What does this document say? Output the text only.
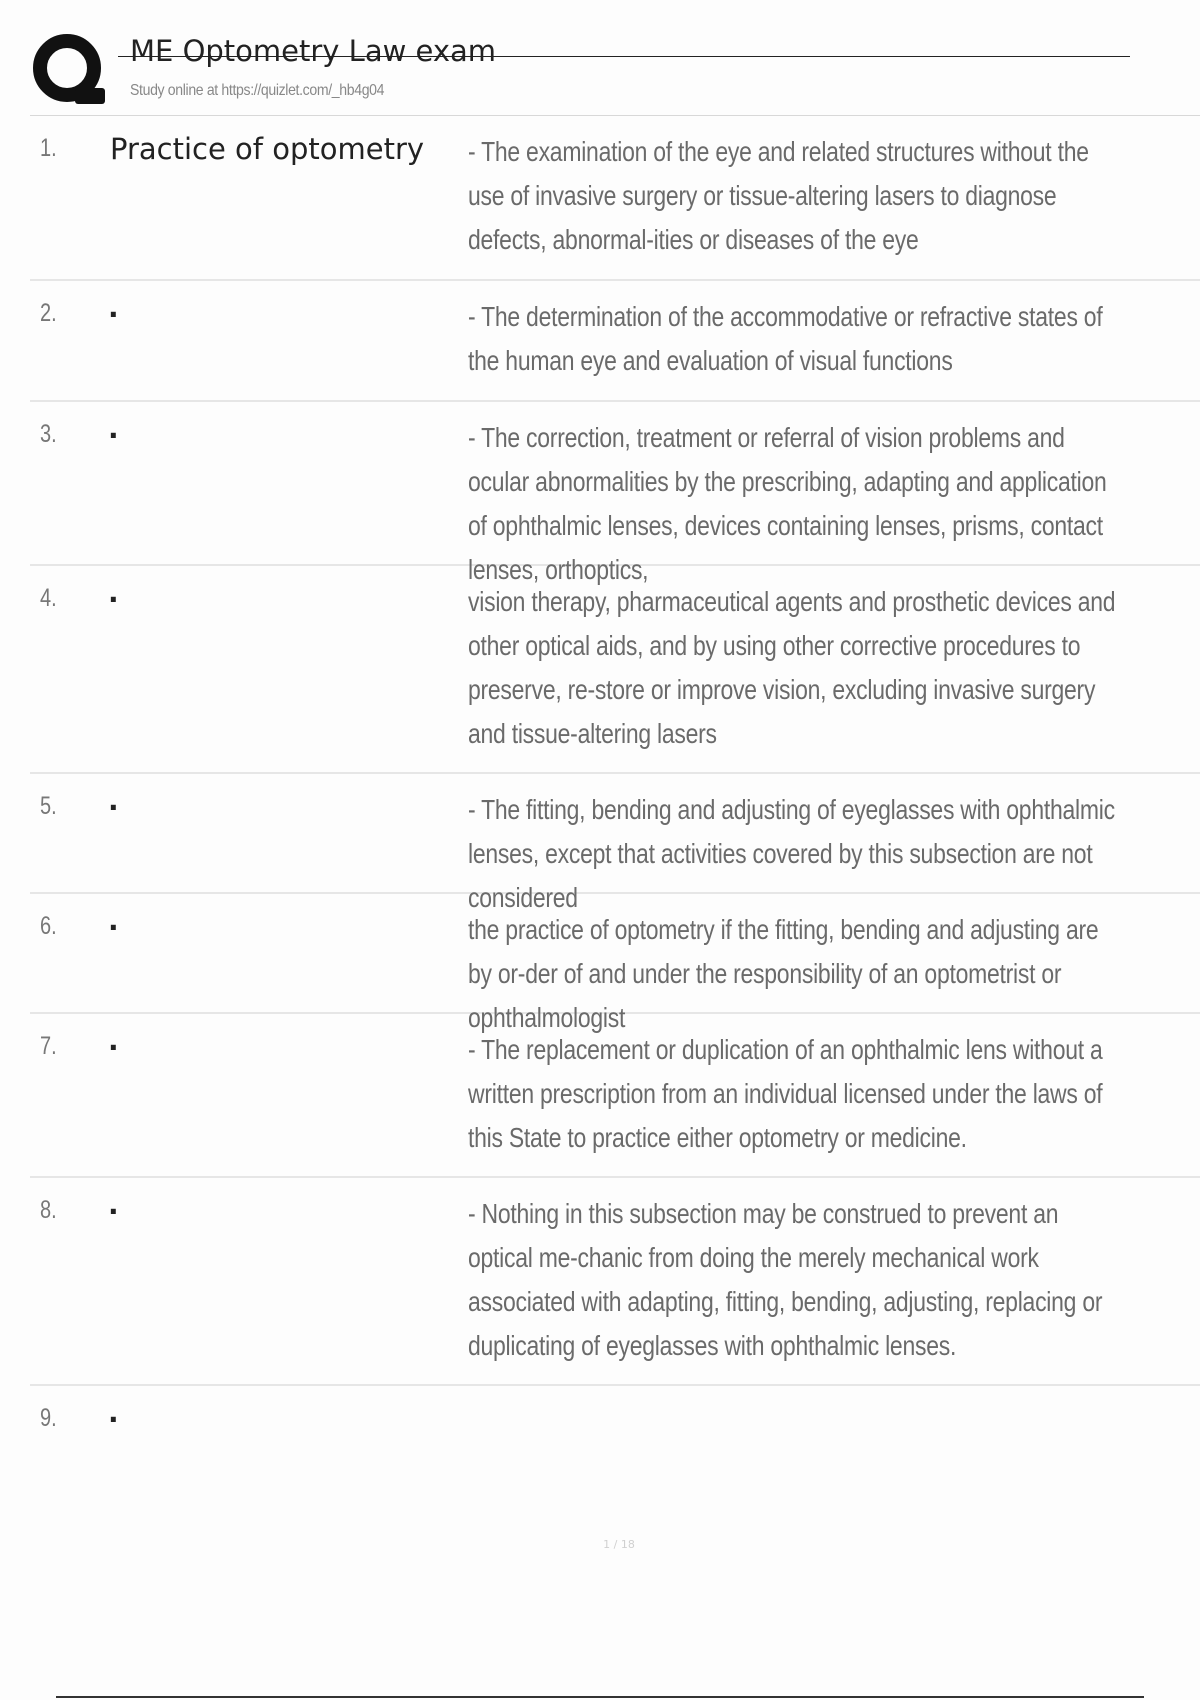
ME Optometry Law exam
Study online at https://quizlet.com/_hb4g04
1. Practice of optometry	- The examination of the eye and related structures without the use of invasive surgery or tissue-altering lasers to diagnose defects, abnormal-ities or diseases of the eye
2. .	- The determination of the accommodative or refractive states of the human eye and evaluation of visual functions
3. .	- The correction, treatment or referral of vision problems and ocular abnormalities by the prescribing, adapting and application of ophthalmic lenses, devices containing lenses, prisms, contact lenses, orthoptics,
4. .	vision therapy, pharmaceutical agents and prosthetic devices and other optical aids, and by using other corrective procedures to preserve, re-store or improve vision, excluding invasive surgery and tissue-altering lasers
5. .	- The fitting, bending and adjusting of eyeglasses with ophthalmic lenses, except that activities covered by this subsection are not considered
6. .	the practice of optometry if the fitting, bending and adjusting are by or-der of and under the responsibility of an optometrist or ophthalmologist
7. .	- The replacement or duplication of an ophthalmic lens without a written prescription from an individual licensed under the laws of this State to practice either optometry or medicine.
8. .	- Nothing in this subsection may be construed to prevent an optical me-chanic from doing the merely mechanical work associated with adapting, fitting, bending, adjusting, replacing or duplicating of eyeglasses with ophthalmic lenses.
9. .
1 / 18
